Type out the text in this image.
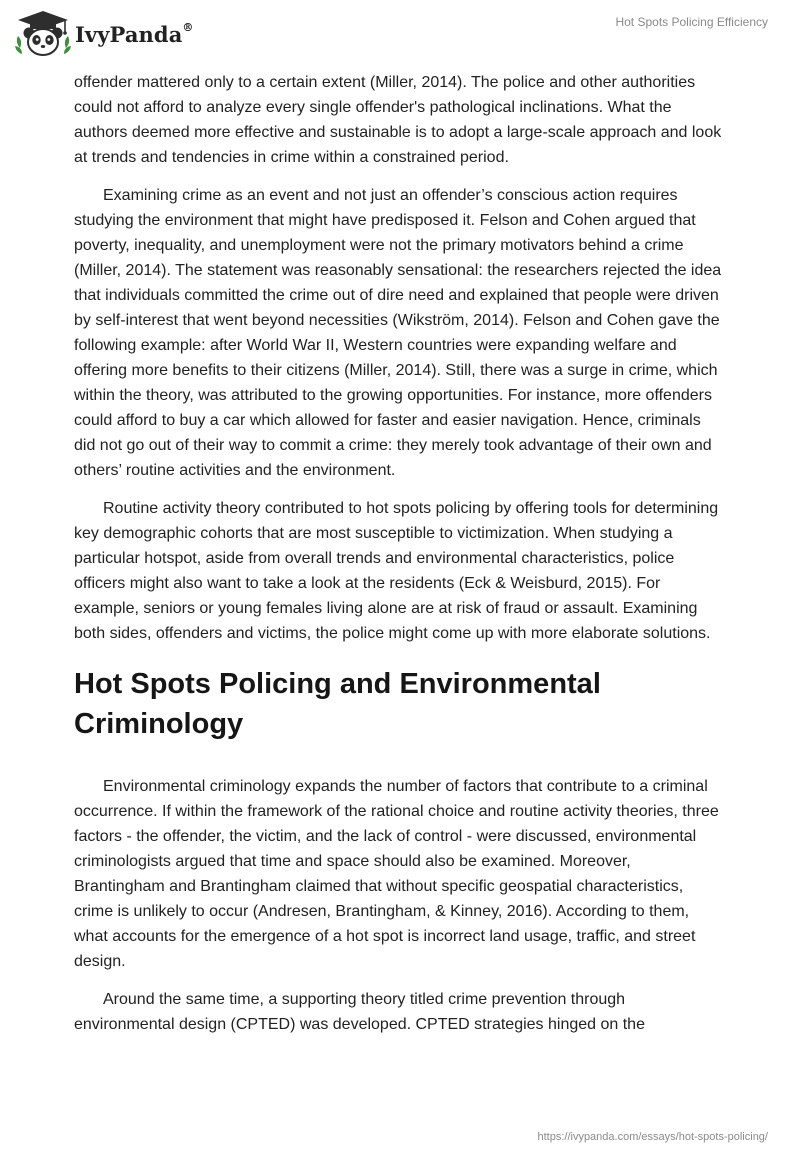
IvyPanda®	Hot Spots Policing Efficiency

offender mattered only to a certain extent (Miller, 2014). The police and other authorities could not afford to analyze every single offender's pathological inclinations. What the authors deemed more effective and sustainable is to adopt a large-scale approach and look at trends and tendencies in crime within a constrained period.

Examining crime as an event and not just an offender’s conscious action requires studying the environment that might have predisposed it. Felson and Cohen argued that poverty, inequality, and unemployment were not the primary motivators behind a crime (Miller, 2014). The statement was reasonably sensational: the researchers rejected the idea that individuals committed the crime out of dire need and explained that people were driven by self-interest that went beyond necessities (Wikström, 2014). Felson and Cohen gave the following example: after World War II, Western countries were expanding welfare and offering more benefits to their citizens (Miller, 2014). Still, there was a surge in crime, which within the theory, was attributed to the growing opportunities. For instance, more offenders could afford to buy a car which allowed for faster and easier navigation. Hence, criminals did not go out of their way to commit a crime: they merely took advantage of their own and others’ routine activities and the environment.

Routine activity theory contributed to hot spots policing by offering tools for determining key demographic cohorts that are most susceptible to victimization. When studying a particular hotspot, aside from overall trends and environmental characteristics, police officers might also want to take a look at the residents (Eck & Weisburd, 2015). For example, seniors or young females living alone are at risk of fraud or assault. Examining both sides, offenders and victims, the police might come up with more elaborate solutions.

Hot Spots Policing and Environmental Criminology

Environmental criminology expands the number of factors that contribute to a criminal occurrence. If within the framework of the rational choice and routine activity theories, three factors - the offender, the victim, and the lack of control - were discussed, environmental criminologists argued that time and space should also be examined. Moreover, Brantingham and Brantingham claimed that without specific geospatial characteristics, crime is unlikely to occur (Andresen, Brantingham, & Kinney, 2016). According to them, what accounts for the emergence of a hot spot is incorrect land usage, traffic, and street design.

Around the same time, a supporting theory titled crime prevention through environmental design (CPTED) was developed. CPTED strategies hinged on the

https://ivypanda.com/essays/hot-spots-policing/
